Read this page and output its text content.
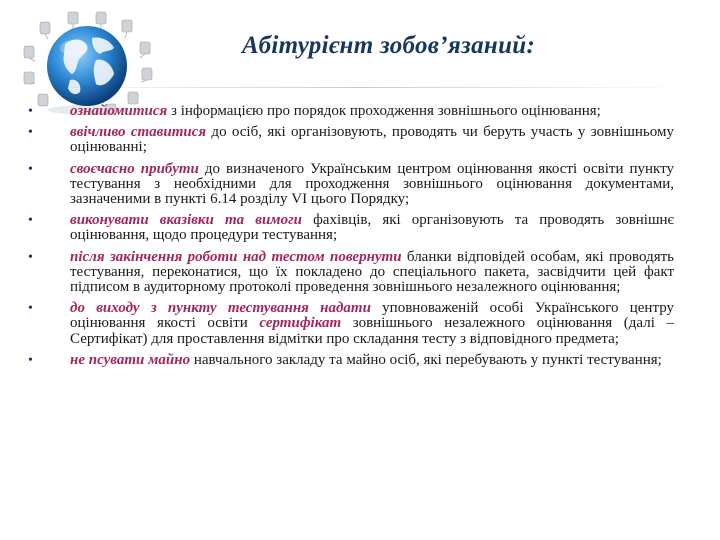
Абітурієнт зобов’язаний:
• ознайомитися з інформацією про порядок проходження зовнішнього оцінювання;
• ввічливо ставитися до осіб, які організовують, проводять чи беруть участь у зовнішньому оцінюванні;
• своєчасно прибути до визначеного Українським центром оцінювання якості освіти пункту тестування з необхідними для проходження зовнішнього оцінювання документами, зазначеними в пункті 6.14 розділу VI цього Порядку;
• виконувати вказівки та вимоги фахівців, які організовують та проводять зовнішнє оцінювання, щодо процедури тестування;
• після закінчення роботи над тестом повернути бланки відповідей особам, які проводять тестування, переконатися, що їх покладено до спеціального пакета, засвідчити цей факт підписом в аудиторному протоколі проведення зовнішнього незалежного оцінювання;
• до виходу з пункту тестування надати уповноваженій особі Українського центру оцінювання якості освіти сертифікат зовнішнього незалежного оцінювання (далі – Сертифікат) для проставлення відмітки про складання тесту з відповідного предмета;
• не псувати майно навчального закладу та майно осіб, які перебувають у пункті тестування;
